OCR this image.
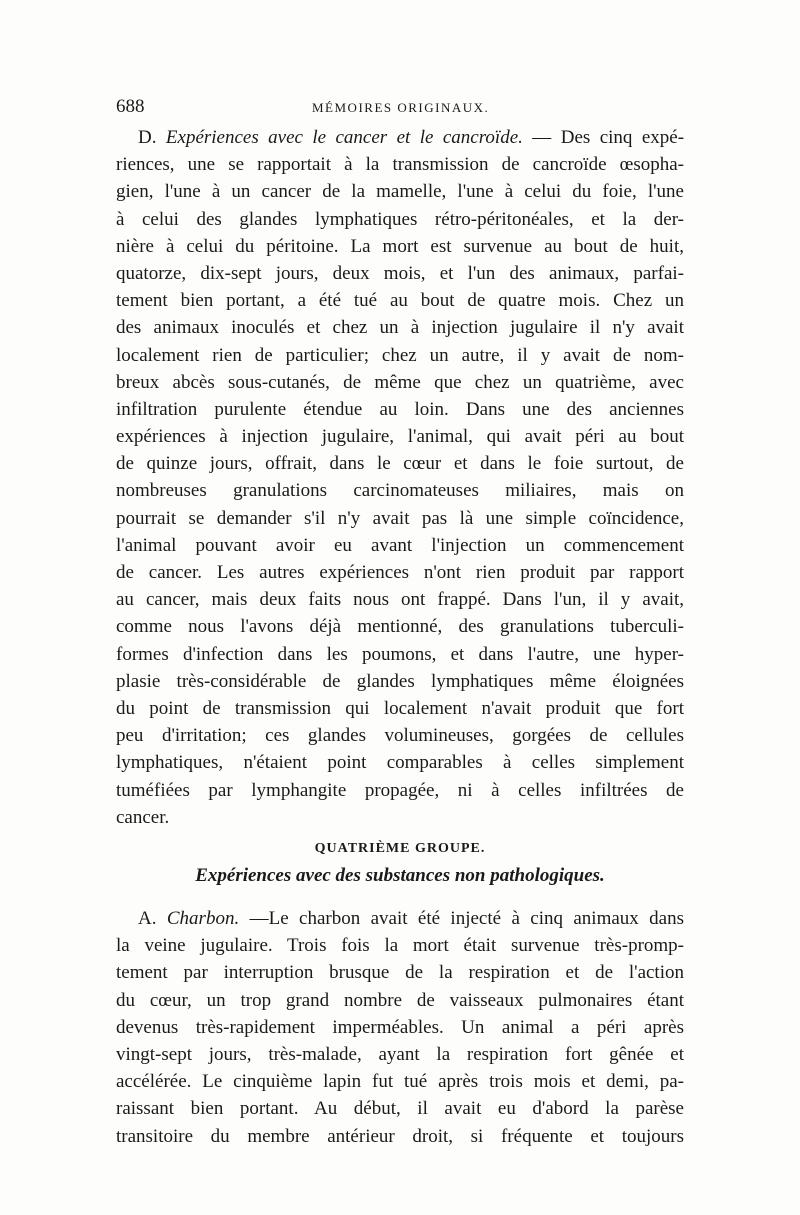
688	MÉMOIRES ORIGINAUX.
D. Expériences avec le cancer et le cancroïde. — Des cinq expé-
riences, une se rapportait à la transmission de cancroïde œsopha-
gien, l'une à un cancer de la mamelle, l'une à celui du foie, l'une
à celui des glandes lymphatiques rétro-péritonéales, et la der-
nière à celui du péritoine. La mort est survenue au bout de huit,
quatorze, dix-sept jours, deux mois, et l'un des animaux, parfai-
tement bien portant, a été tué au bout de quatre mois. Chez un
des animaux inoculés et chez un à injection jugulaire il n'y avait
localement rien de particulier; chez un autre, il y avait de nom-
breux abcès sous-cutanés, de même que chez un quatrième, avec
infiltration purulente étendue au loin. Dans une des anciennes
expériences à injection jugulaire, l'animal, qui avait péri au bout
de quinze jours, offrait, dans le cœur et dans le foie surtout, de
nombreuses granulations carcinomateuses miliaires, mais on
pourrait se demander s'il n'y avait pas là une simple coïncidence,
l'animal pouvant avoir eu avant l'injection un commencement
de cancer. Les autres expériences n'ont rien produit par rapport
au cancer, mais deux faits nous ont frappé. Dans l'un, il y avait,
comme nous l'avons déjà mentionné, des granulations tuberculi-
formes d'infection dans les poumons, et dans l'autre, une hyper-
plasie très-considérable de glandes lymphatiques même éloignées
du point de transmission qui localement n'avait produit que fort
peu d'irritation; ces glandes volumineuses, gorgées de cellules
lymphatiques, n'étaient point comparables à celles simplement
tuméfiées par lymphangite propagée, ni à celles infiltrées de
cancer.
QUATRIÈME GROUPE.
Expériences avec des substances non pathologiques.
A. Charbon. —Le charbon avait été injecté à cinq animaux dans
la veine jugulaire. Trois fois la mort était survenue très-promp-
tement par interruption brusque de la respiration et de l'action
du cœur, un trop grand nombre de vaisseaux pulmonaires étant
devenus très-rapidement imperméables. Un animal a péri après
vingt-sept jours, très-malade, ayant la respiration fort gênée et
accélérée. Le cinquième lapin fut tué après trois mois et demi, pa-
raissant bien portant. Au début, il avait eu d'abord la parèse
transitoire du membre antérieur droit, si fréquente et toujours
